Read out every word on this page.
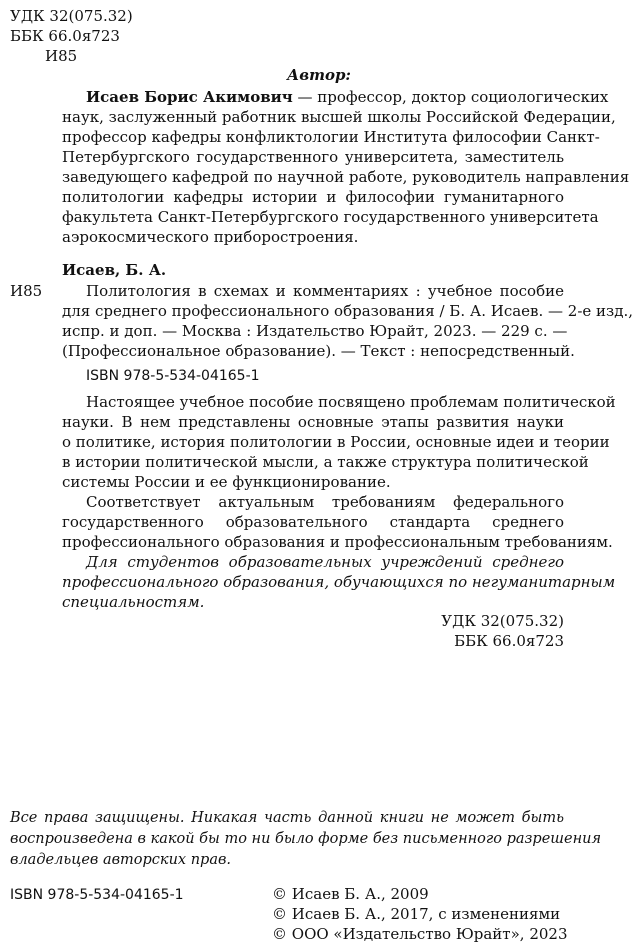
УДК 32(075.32)
ББК 66.0я723
И85
Автор:
Исаев Борис Акимович — профессор, доктор социологических
наук, заслуженный работник высшей школы Российской Федерации,
профессор кафедры конфликтологии Института философии Санкт-
Петербургского государственного университета, заместитель
заведующего кафедрой по научной работе, руководитель направления
политологии кафедры истории и философии гуманитарного
факультета Санкт-Петербургского государственного университета
аэрокосмического приборостроения.
Исаев, Б. А.
И85	Политология в схемах и комментариях : учебное пособие
для среднего профессионального образования / Б. А. Исаев. — 2-е изд.,
испр. и доп. — Москва : Издательство Юрайт, 2023. — 229 с. —
(Профессиональное образование). — Текст : непосредственный.
ISBN 978-5-534-04165-1
Настоящее учебное пособие посвящено проблемам политической
науки. В нем представлены основные этапы развития науки
о политике, история политологии в России, основные идеи и теории
в истории политической мысли, а также структура политической
системы России и ее функционирование.
Соответствует актуальным требованиям федерального
государственного образовательного стандарта среднего
профессионального образования и профессиональным требованиям.
Для студентов образовательных учреждений среднего
профессионального образования, обучающихся по негуманитарным
специальностям.
УДК 32(075.32)
ББК 66.0я723
Все права защищены. Никакая часть данной книги не может быть
воспроизведена в какой бы то ни было форме без письменного разрешения
владельцев авторских прав.
ISBN 978-5-534-04165-1	© Исаев Б. А., 2009
© Исаев Б. А., 2017, с изменениями
© ООО «Издательство Юрайт», 2023
